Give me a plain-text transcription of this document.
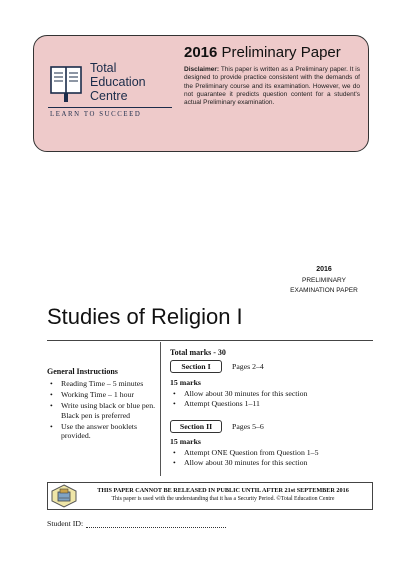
Total
Education
Centre
LEARN TO SUCCEED
2016 Preliminary Paper
Disclaimer: This paper is written as a Preliminary paper. It is designed to provide practice consistent with the demands of the Preliminary course and its examination. However, we do not guarantee it predicts question content for a student's actual Preliminary examination.
2016
PRELIMINARY
EXAMINATION PAPER
Studies of Religion I
General Instructions
• Reading Time – 5 minutes
• Working Time – 1 hour
• Write using black or blue pen. Black pen is preferred
• Use the answer booklets provided.
Total marks - 30
Section I	Pages 2–4
15 marks
• Allow about 30 minutes for this section
• Attempt Questions 1–11
Section II	Pages 5–6
15 marks
• Attempt ONE Question from Question 1–5
• Allow about 30 minutes for this section
THIS PAPER CANNOT BE RELEASED IN PUBLIC UNTIL AFTER 21st SEPTEMBER 2016
This paper is used with the understanding that it has a Security Period. ©Total Education Centre
Student ID:
